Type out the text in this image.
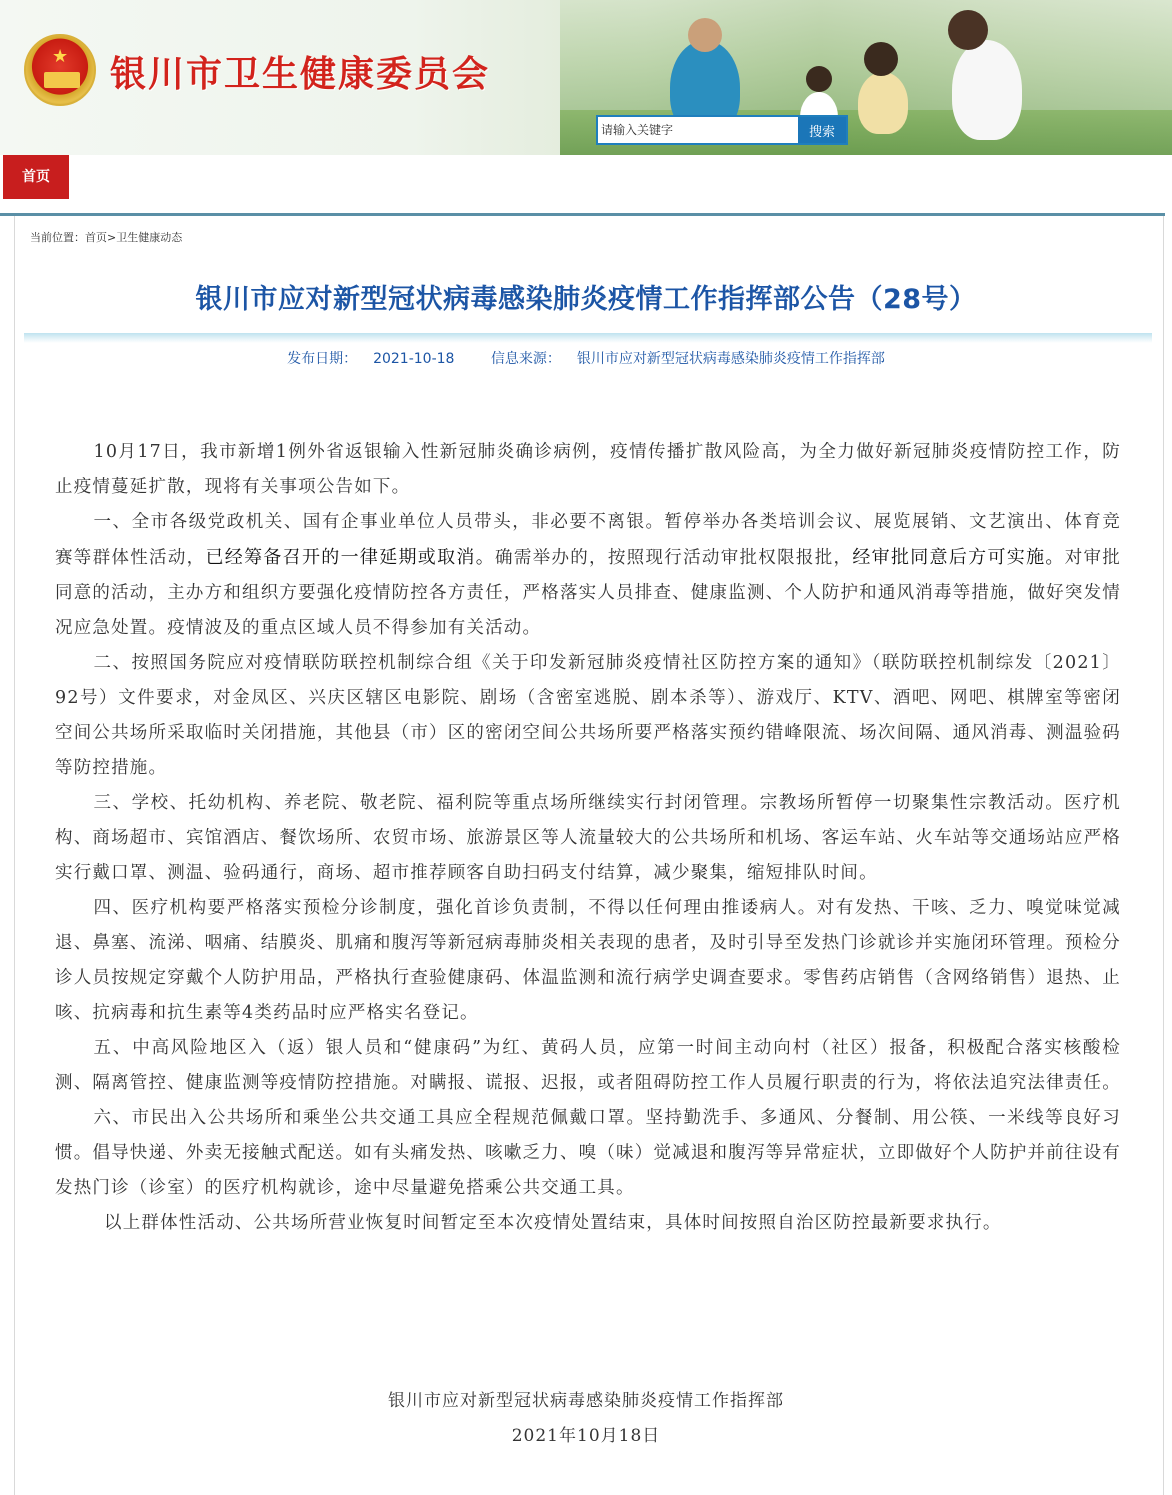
★ 银川市卫生健康委员会
请输入关键字
搜索
首页
当前位置：首页>卫生健康动态
银川市应对新型冠状病毒感染肺炎疫情工作指挥部公告（28号）
发布日期： 2021-10-18	信息来源： 银川市应对新型冠状病毒感染肺炎疫情工作指挥部

10月17日，我市新增1例外省返银输入性新冠肺炎确诊病例，疫情传播扩散风险高，为全力做好新冠肺炎疫情防控工作，防止疫情蔓延扩散，现将有关事项公告如下。

一、全市各级党政机关、国有企事业单位人员带头，非必要不离银。暂停举办各类培训会议、展览展销、文艺演出、体育竞赛等群体性活动，已经筹备召开的一律延期或取消。确需举办的，按照现行活动审批权限报批，经审批同意后方可实施。对审批同意的活动，主办方和组织方要强化疫情防控各方责任，严格落实人员排查、健康监测、个人防护和通风消毒等措施，做好突发情况应急处置。疫情波及的重点区域人员不得参加有关活动。

二、按照国务院应对疫情联防联控机制综合组《关于印发新冠肺炎疫情社区防控方案的通知》（联防联控机制综发〔2021〕92号）文件要求，对金凤区、兴庆区辖区电影院、剧场（含密室逃脱、剧本杀等）、游戏厅、KTV、酒吧、网吧、棋牌室等密闭空间公共场所采取临时关闭措施，其他县（市）区的密闭空间公共场所要严格落实预约错峰限流、场次间隔、通风消毒、测温验码等防控措施。

三、学校、托幼机构、养老院、敬老院、福利院等重点场所继续实行封闭管理。宗教场所暂停一切聚集性宗教活动。医疗机构、商场超市、宾馆酒店、餐饮场所、农贸市场、旅游景区等人流量较大的公共场所和机场、客运车站、火车站等交通场站应严格实行戴口罩、测温、验码通行，商场、超市推荐顾客自助扫码支付结算，减少聚集，缩短排队时间。

四、医疗机构要严格落实预检分诊制度，强化首诊负责制，不得以任何理由推诿病人。对有发热、干咳、乏力、嗅觉味觉减退、鼻塞、流涕、咽痛、结膜炎、肌痛和腹泻等新冠病毒肺炎相关表现的患者，及时引导至发热门诊就诊并实施闭环管理。预检分诊人员按规定穿戴个人防护用品，严格执行查验健康码、体温监测和流行病学史调查要求。零售药店销售（含网络销售）退热、止咳、抗病毒和抗生素等4类药品时应严格实名登记。

五、中高风险地区入（返）银人员和“健康码”为红、黄码人员，应第一时间主动向村（社区）报备，积极配合落实核酸检测、隔离管控、健康监测等疫情防控措施。对瞒报、谎报、迟报，或者阻碍防控工作人员履行职责的行为，将依法追究法律责任。

六、市民出入公共场所和乘坐公共交通工具应全程规范佩戴口罩。坚持勤洗手、多通风、分餐制、用公筷、一米线等良好习惯。倡导快递、外卖无接触式配送。如有头痛发热、咳嗽乏力、嗅（味）觉减退和腹泻等异常症状，立即做好个人防护并前往设有发热门诊（诊室）的医疗机构就诊，途中尽量避免搭乘公共交通工具。

以上群体性活动、公共场所营业恢复时间暂定至本次疫情处置结束，具体时间按照自治区防控最新要求执行。

银川市应对新型冠状病毒感染肺炎疫情工作指挥部
2021年10月18日
